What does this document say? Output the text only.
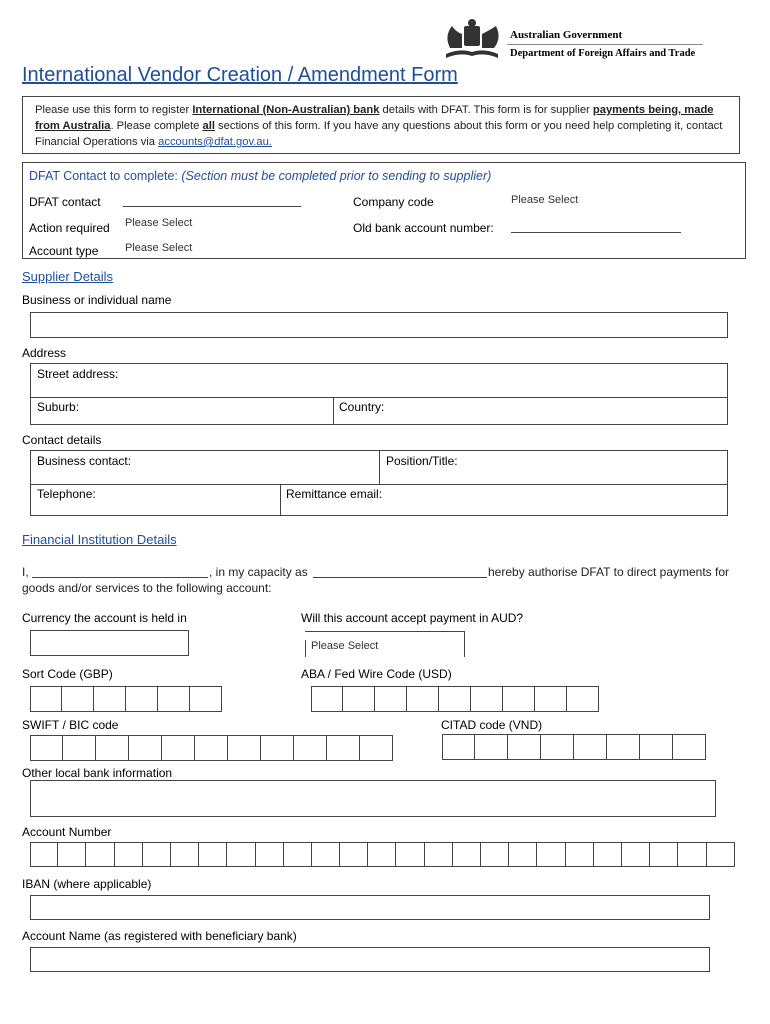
Australian Government
Department of Foreign Affairs and Trade
International Vendor Creation / Amendment Form
Please use this form to register International (Non-Australian) bank details with DFAT. This form is for supplier payments being, made from Australia. Please complete all sections of this form. If you have any questions about this form or you need help completing it, contact Financial Operations via accounts@dfat.gov.au.
DFAT Contact to complete: (Section must be completed prior to sending to supplier)
DFAT contact
Action required Please Select
Account type Please Select
Company code	Please Select
Old bank account number:
Supplier Details
Business or individual name
Address
Street address:
Suburb:	Country:
Contact details
Business contact:	Position/Title:
Telephone:	Remittance email:
Financial Institution Details
I,	, in my capacity as	hereby authorise DFAT to direct payments for
goods and/or services to the following account:
Currency the account is held in	Will this account accept payment in AUD?
Please Select
Sort Code (GBP)	ABA / Fed Wire Code (USD)
SWIFT / BIC code	CITAD code (VND)
Other local bank information
Account Number
IBAN (where applicable)
Account Name (as registered with beneficiary bank)
